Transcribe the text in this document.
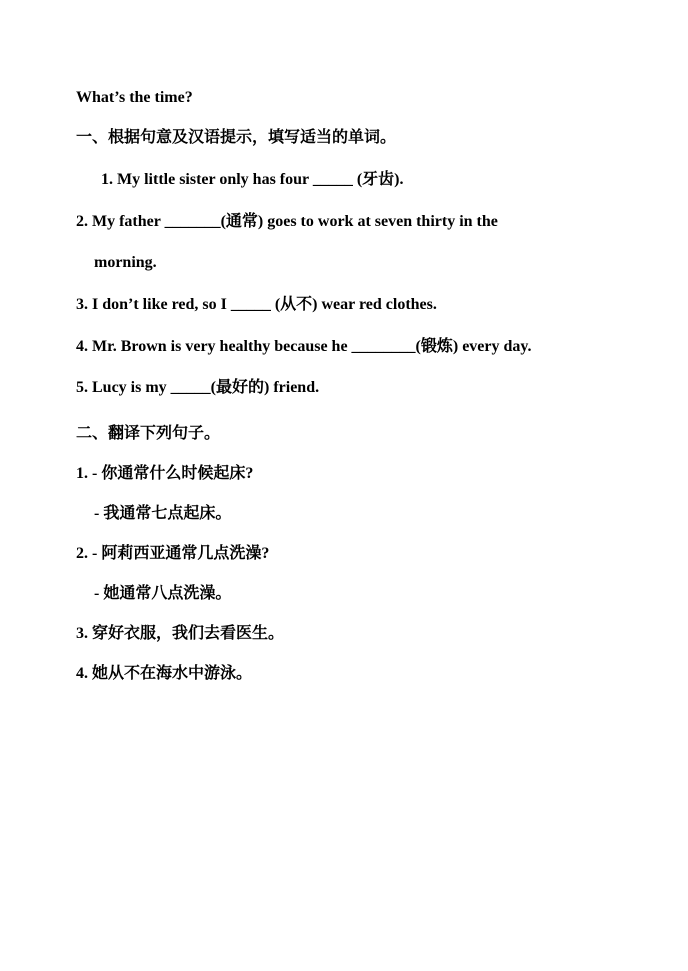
What’s the time?
一、根据句意及汉语提示，填写适当的单词。
1. My little sister only has four _____ (牙齿).
2. My father _______(通常) goes to work at seven thirty in the
morning.
3. I don’t like red, so I _____ (从不) wear red clothes.
4. Mr. Brown is very healthy because he ________(锻炼) every day.
5. Lucy is my _____(最好的) friend.
二、翻译下列句子。
1. - 你通常什么时候起床?
- 我通常七点起床。
2. - 阿莉西亚通常几点洗澡?
- 她通常八点洗澡。
3. 穿好衣服，我们去看医生。
4. 她从不在海水中游泳。
